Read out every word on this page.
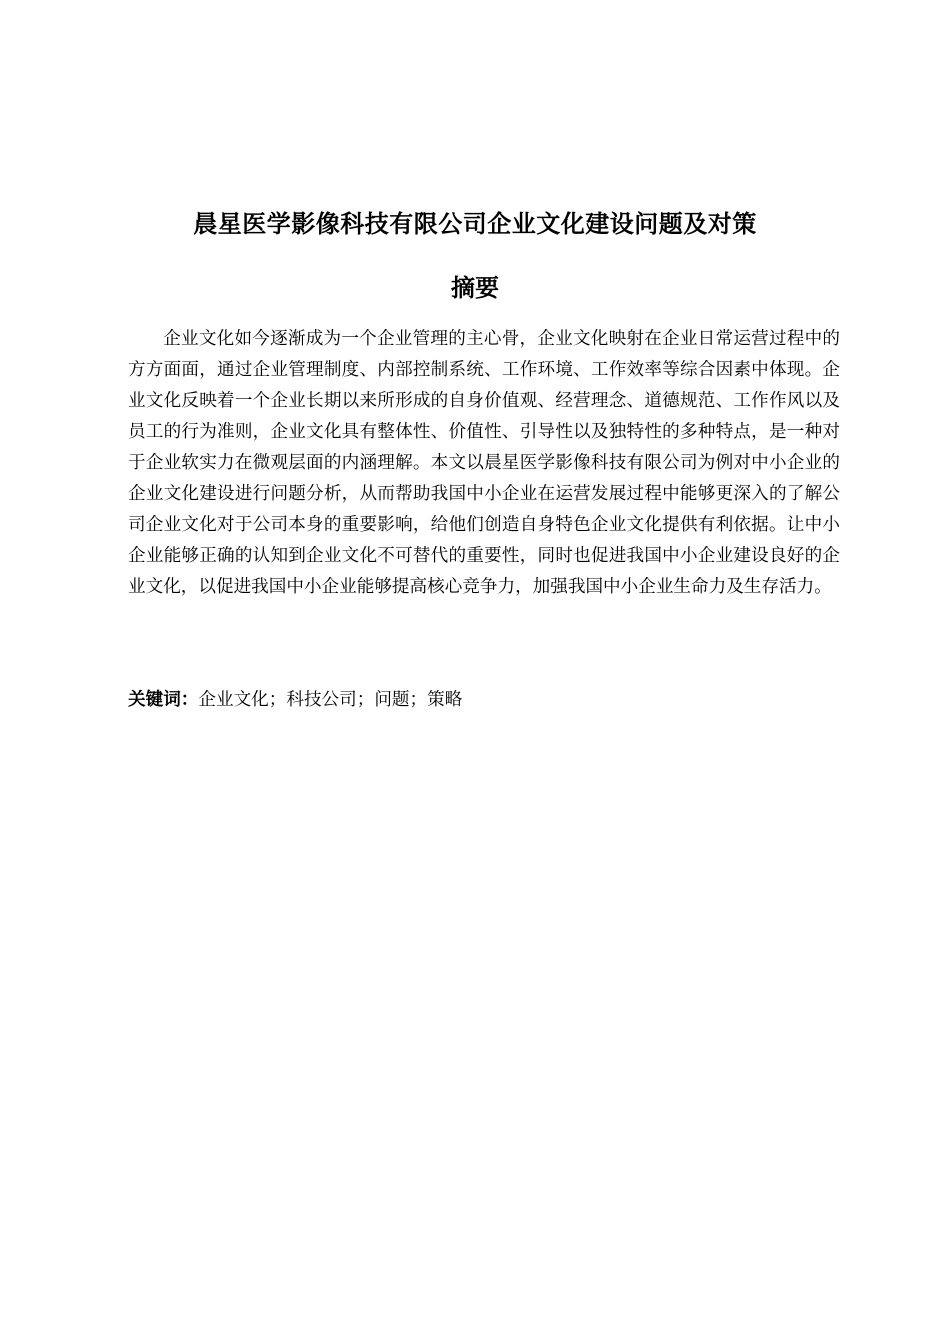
晨星医学影像科技有限公司企业文化建设问题及对策
摘要

企业文化如今逐渐成为一个企业管理的主心骨，企业文化映射在企业日常运营过程中的方方面面，通过企业管理制度、内部控制系统、工作环境、工作效率等综合因素中体现。企业文化反映着一个企业长期以来所形成的自身价值观、经营理念、道德规范、工作作风以及员工的行为准则，企业文化具有整体性、价值性、引导性以及独特性的多种特点，是一种对于企业软实力在微观层面的内涵理解。本文以晨星医学影像科技有限公司为例对中小企业的企业文化建设进行问题分析，从而帮助我国中小企业在运营发展过程中能够更深入的了解公司企业文化对于公司本身的重要影响，给他们创造自身特色企业文化提供有利依据。让中小企业能够正确的认知到企业文化不可替代的重要性，同时也促进我国中小企业建设良好的企业文化，以促进我国中小企业能够提高核心竞争力，加强我国中小企业生命力及生存活力。

关键词：企业文化；科技公司；问题；策略
